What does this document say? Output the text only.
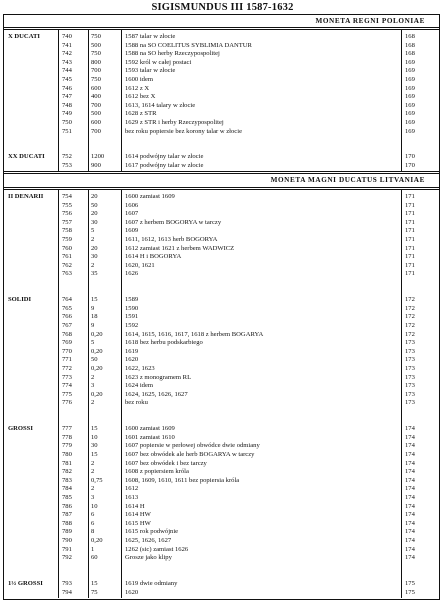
SIGISMUNDUS III 1587-1632
MONETA REGNI POLONIAE
X DUCATI	740	750	1587 talar w złocie	168
741	500	1588 na SO COELITUS SYBLIMIA DANTUR	168
742	750	1588 na SO herby Rzeczypospolitej	168
743	800	1592 król w całej postaci	169
744	700	1593 talar w złocie	169
745	750	1600 idem	169
746	600	1612 z X	169
747	400	1612 bez X	169
748	700	1613, 1614 talary w złocie	169
749	500	1628 z STR	169
750	600	1629 z STR i herby Rzeczypospolitej	169
751	700	bez roku popiersie bez korony talar w złocie	169
XX DUCATI	752	1200	1614 podwójny talar w złocie	170
753	900	1617 podwójny talar w złocie	170
MONETA MAGNI DUCATUS LITVANIAE
II DENARII	754	20	1600 zamiast 1609	171
755	50	1606	171
756	20	1607	171
757	30	1607 z herbem BOGORYA w tarczy	171
758	5	1609	171
759	2	1611, 1612, 1613 herb BOGORYA	171
760	20	1612 zamiast 1621 z herbem WADWICZ	171
761	30	1614 H i BOGORYA	171
762	2	1620, 1621	171
763	35	1626	171
SOLIDI	764	15	1589	172
765	9	1590	172
766	18	1591	172
767	9	1592	172
768	0,20	1614, 1615, 1616, 1617, 1618 z herbem BOGARYA	172
769	5	1618 bez herbu podskarbiego	173
770	0,20	1619	173
771	50	1620	173
772	0,20	1622, 1623	173
773	2	1623 z monogramem RL	173
774	3	1624 idem	173
775	0,20	1624, 1625, 1626, 1627	173
776	2	bez roku	173
GROSSI	777	15	1600 zamiast 1609	174
778	10	1601 zamiast 1610	174
779	30	1607 popiersie w perłowej obwódce dwie odmiany	174
780	15	1607 bez obwódek ale herb BOGARYA w tarczy	174
781	2	1607 bez obwódek i bez tarczy	174
782	2	1608 z popiersiem króla	174
783	0,75	1608, 1609, 1610, 1611 bez popiersia króla	174
784	2	1612	174
785	3	1613	174
786	10	1614 H	174
787	6	1614 HW	174
788	6	1615 HW	174
789	8	1615 rok podwójnie	174
790	0,20	1625, 1626, 1627	174
791	1	1262 (sic) zamiast 1626	174
792	60	Grosze jako klipy	174
1½ GROSSI	793	15	1619 dwie odmiany	175
794	75	1620	175
